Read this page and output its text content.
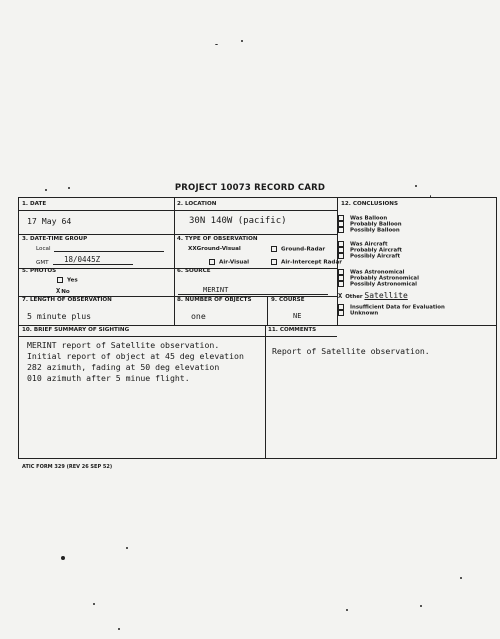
PROJECT 10073 RECORD CARD
1. DATE
17 May 64
2. LOCATION
30N 140W (pacific)
3. DATE-TIME GROUP
Local
GMT 18/0445Z
4. TYPE OF OBSERVATION
XXGround-Visual	Ground-Radar
Air-Visual	Air-Intercept Radar
5. PHOTOS
Yes
XNo
6. SOURCE
MERINT
7. LENGTH OF OBSERVATION
5 minute plus
8. NUMBER OF OBJECTS
one
9. COURSE
NE
10. BRIEF SUMMARY OF SIGHTING
MERINT report of Satellite observation.
Initial report of object at 45 deg elevation
282 azimuth, fading at 50 deg elevation
010 azimuth after 5 minue flight.
11. COMMENTS
Report of Satellite observation.
12. CONCLUSIONS
Was Balloon
Probably Balloon
Possibly Balloon
Was Aircraft
Probably Aircraft
Possibly Aircraft
Was Astronomical
Probably Astronomical
Possibly Astronomical
X Other Satellite
Insufficient Data for Evaluation
Unknown
ATIC FORM 329 (REV 26 SEP 52)
